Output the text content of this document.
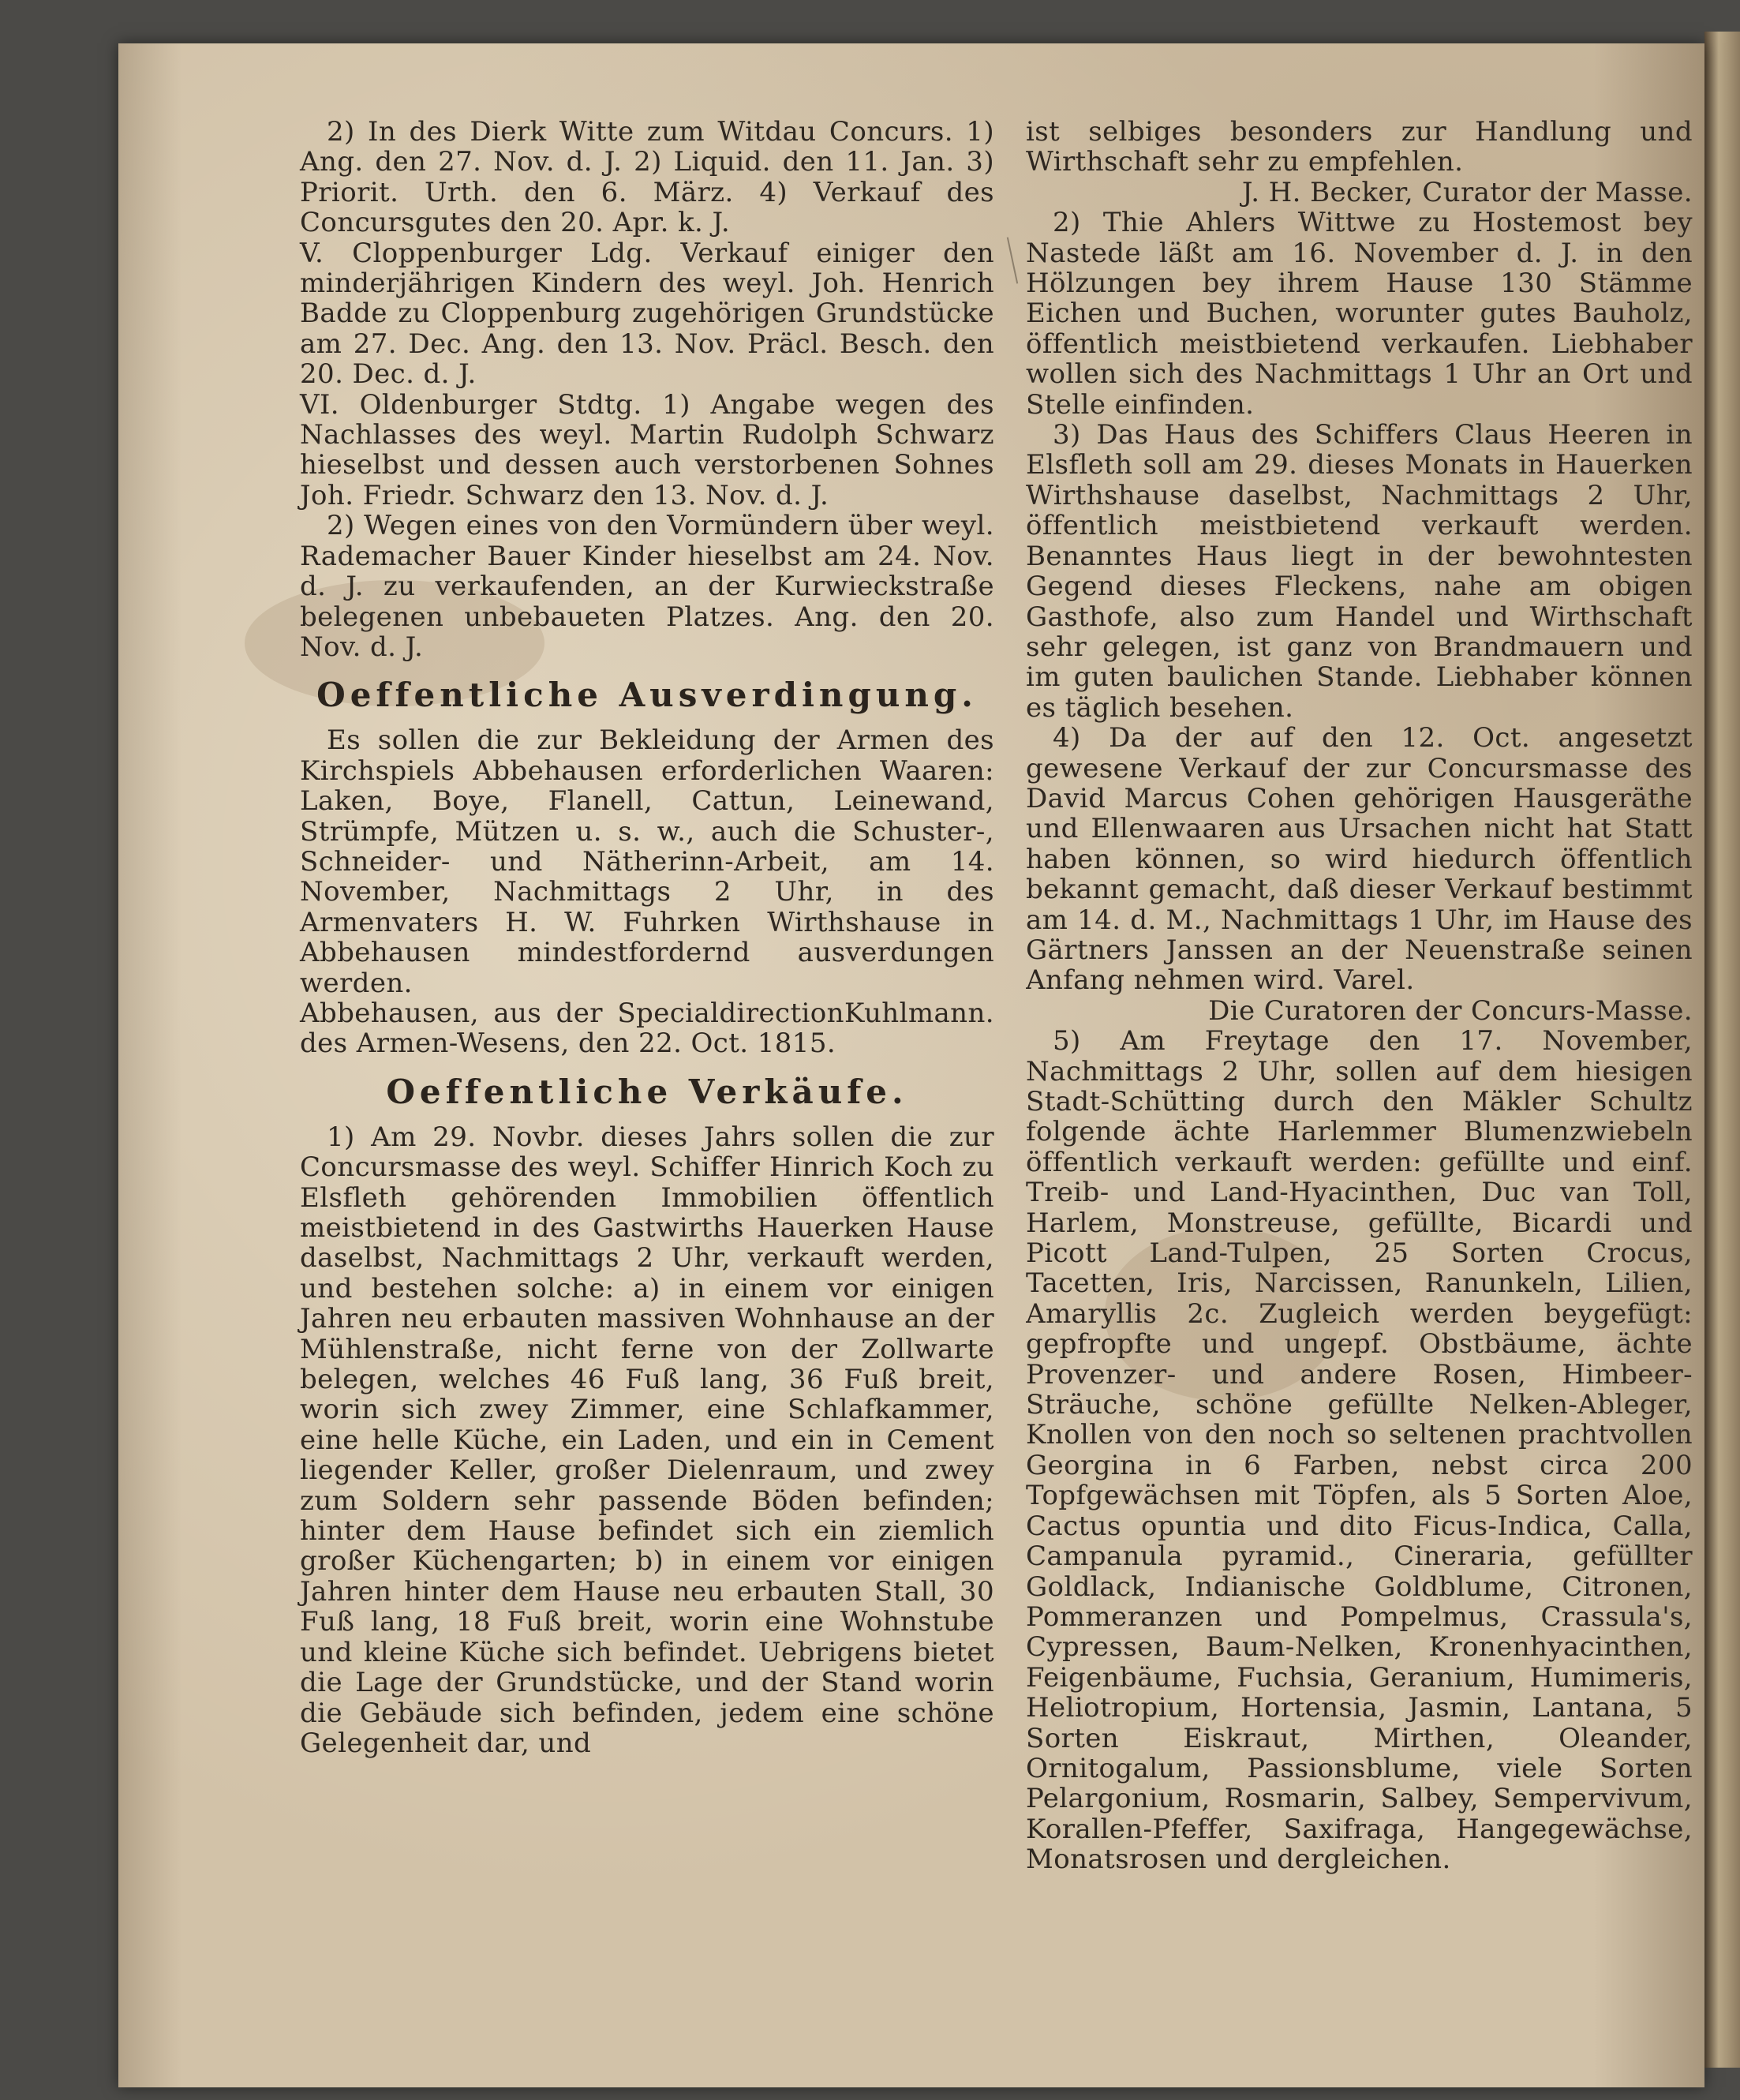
2) In des Dierk Witte zum Witdau Concurs. 1) Ang. den 27. Nov. d. J. 2) Liquid. den 11. Jan. 3) Priorit. Urth. den 6. März. 4) Verkauf des Concursgutes den 20. Apr. k. J.

V. Cloppenburger Ldg. Verkauf einiger den minderjährigen Kindern des weyl. Joh. Henrich Badde zu Cloppenburg zugehörigen Grundstücke am 27. Dec. Ang. den 13. Nov. Präcl. Besch. den 20. Dec. d. J.

VI. Oldenburger Stdtg. 1) Angabe wegen des Nachlasses des weyl. Martin Rudolph Schwarz hieselbst und dessen auch verstorbenen Sohnes Joh. Friedr. Schwarz den 13. Nov. d. J.

2) Wegen eines von den Vormündern über weyl. Rademacher Bauer Kinder hieselbst am 24. Nov. d. J. zu verkaufenden, an der Kurwieckstraße belegenen unbebaueten Platzes. Ang. den 20. Nov. d. J.

Oeffentliche Ausverdingung.

Es sollen die zur Bekleidung der Armen des Kirchspiels Abbehausen erforderlichen Waaren: Laken, Boye, Flanell, Cattun, Leinewand, Strümpfe, Mützen u. s. w., auch die Schuster-, Schneider- und Nätherinn-Arbeit, am 14. November, Nachmittags 2 Uhr, in des Armenvaters H. W. Fuhrken Wirthshause in Abbehausen mindestfordernd ausverdungen werden.

Abbehausen, aus der Specialdirection des Armen-Wesens, den 22. Oct. 1815.
Kuhlmann.
Oeffentliche Verkäufe.

1) Am 29. Novbr. dieses Jahrs sollen die zur Concursmasse des weyl. Schiffer Hinrich Koch zu Elsfleth gehörenden Immobilien öffentlich meistbietend in des Gastwirths Hauerken Hause daselbst, Nachmittags 2 Uhr, verkauft werden, und bestehen solche: a) in einem vor einigen Jahren neu erbauten massiven Wohnhause an der Mühlenstraße, nicht ferne von der Zollwarte belegen, welches 46 Fuß lang, 36 Fuß breit, worin sich zwey Zimmer, eine Schlafkammer, eine helle Küche, ein Laden, und ein in Cement liegender Keller, großer Dielenraum, und zwey zum Soldern sehr passende Böden befinden; hinter dem Hause befindet sich ein ziemlich großer Küchengarten; b) in einem vor einigen Jahren hinter dem Hause neu erbauten Stall, 30 Fuß lang, 18 Fuß breit, worin eine Wohnstube und kleine Küche sich befindet. Uebrigens bietet die Lage der Grundstücke, und der Stand worin die Gebäude sich befinden, jedem eine schöne Gelegenheit dar, und

ist selbiges besonders zur Handlung und Wirthschaft sehr zu empfehlen.

J. H. Becker, Curator der Masse.

2) Thie Ahlers Wittwe zu Hostemost bey Nastede läßt am 16. November d. J. in den Hölzungen bey ihrem Hause 130 Stämme Eichen und Buchen, worunter gutes Bauholz, öffentlich meistbietend verkaufen. Liebhaber wollen sich des Nachmittags 1 Uhr an Ort und Stelle einfinden.

3) Das Haus des Schiffers Claus Heeren in Elsfleth soll am 29. dieses Monats in Hauerken Wirthshause daselbst, Nachmittags 2 Uhr, öffentlich meistbietend verkauft werden. Benanntes Haus liegt in der bewohntesten Gegend dieses Fleckens, nahe am obigen Gasthofe, also zum Handel und Wirthschaft sehr gelegen, ist ganz von Brandmauern und im guten baulichen Stande. Liebhaber können es täglich besehen.

4) Da der auf den 12. Oct. angesetzt gewesene Verkauf der zur Concursmasse des David Marcus Cohen gehörigen Hausgeräthe und Ellenwaaren aus Ursachen nicht hat Statt haben können, so wird hiedurch öffentlich bekannt gemacht, daß dieser Verkauf bestimmt am 14. d. M., Nachmittags 1 Uhr, im Hause des Gärtners Janssen an der Neuenstraße seinen Anfang nehmen wird. Varel.

Die Curatoren der Concurs-Masse.

5) Am Freytage den 17. November, Nachmittags 2 Uhr, sollen auf dem hiesigen Stadt-Schütting durch den Mäkler Schultz folgende ächte Harlemmer Blumenzwiebeln öffentlich verkauft werden: gefüllte und einf. Treib- und Land-Hyacinthen, Duc van Toll, Harlem, Monstreuse, gefüllte, Bicardi und Picott Land-Tulpen, 25 Sorten Crocus, Tacetten, Iris, Narcissen, Ranunkeln, Lilien, Amaryllis 2c. Zugleich werden beygefügt: gepfropfte und ungepf. Obstbäume, ächte Provenzer- und andere Rosen, Himbeer-Sträuche, schöne gefüllte Nelken-Ableger, Knollen von den noch so seltenen prachtvollen Georgina in 6 Farben, nebst circa 200 Topfgewächsen mit Töpfen, als 5 Sorten Aloe, Cactus opuntia und dito Ficus-Indica, Calla, Campanula pyramid., Cineraria, gefüllter Goldlack, Indianische Goldblume, Citronen, Pommeranzen und Pompelmus, Crassula's, Cypressen, Baum-Nelken, Kronenhyacinthen, Feigenbäume, Fuchsia, Geranium, Humimeris, Heliotropium, Hortensia, Jasmin, Lantana, 5 Sorten Eiskraut, Mirthen, Oleander, Ornitogalum, Passionsblume, viele Sorten Pelargonium, Rosmarin, Salbey, Sempervivum, Korallen-Pfeffer, Saxifraga, Hangegewächse, Monatsrosen und dergleichen.
